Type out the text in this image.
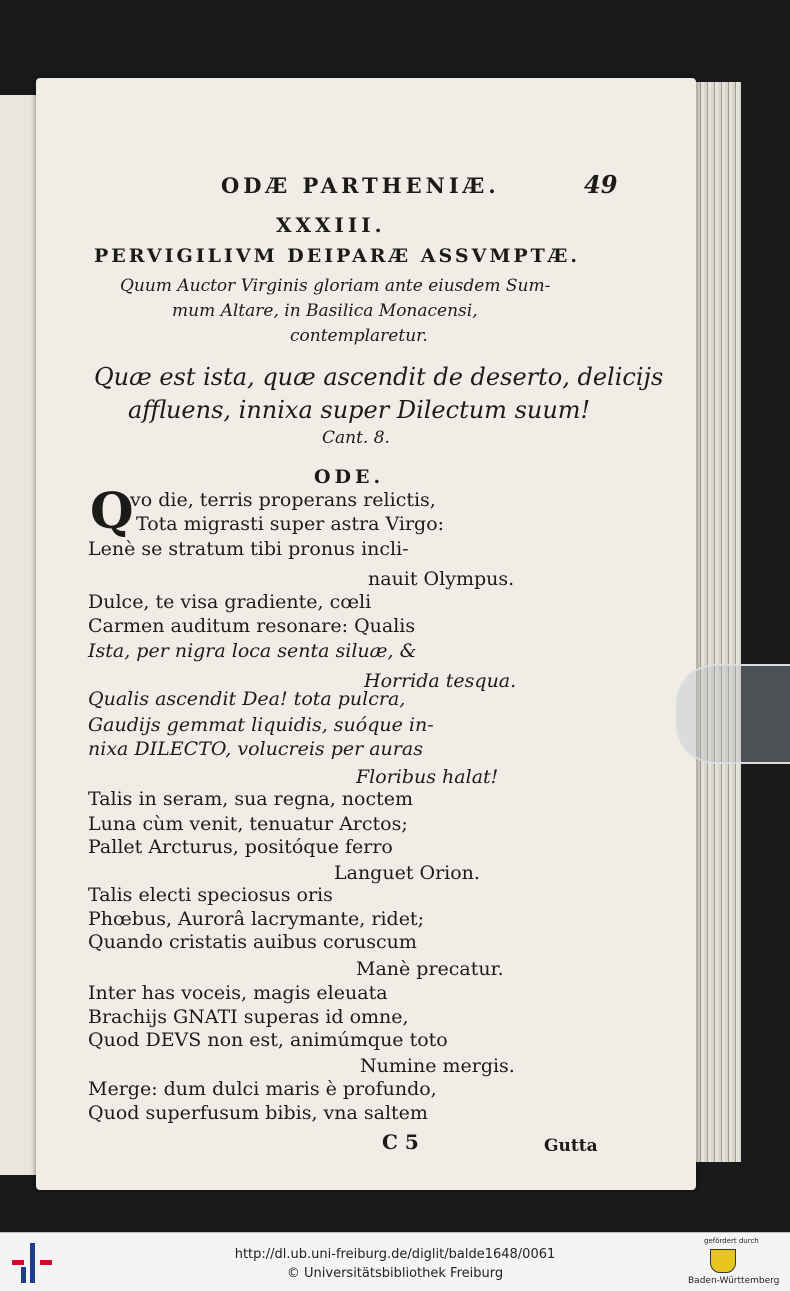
ODÆ PARTHENIÆ.	49
XXXIII.
PERVIGILIVM DEIPARÆ ASSVMPTÆ.
Quum Auctor Virginis gloriam ante eiusdem Sum-
mum Altare, in Basilica Monacensi,
contemplaretur.
Quæ est ista, quæ ascendit de deserto, delicijs
affluens, innixa super Dilectum suum!
Cant. 8.
ODE.
Q
vo die, terris properans relictis,
Tota migrasti super astra Virgo:
Lenè se stratum tibi pronus incli-
nauit Olympus.
Dulce, te visa gradiente, cœli
Carmen auditum resonare: Qualis
Ista, per nigra loca senta siluæ, &
Horrida tesqua.
Qualis ascendit Dea! tota pulcra,
Gaudijs gemmat liquidis, suóque in-
nixa DILECTO, volucreis per auras
Floribus halat!
Talis in seram, sua regna, noctem
Luna cùm venit, tenuatur Arctos;
Pallet Arcturus, positóque ferro
Languet Orion.
Talis electi speciosus oris
Phœbus, Aurorâ lacrymante, ridet;
Quando cristatis auibus coruscum
Manè precatur.
Inter has voceis, magis eleuata
Brachijs GNATI superas id omne,
Quod DEVS non est, animúmque toto
Numine mergis.
Merge: dum dulci maris è profundo,
Quod superfusum bibis, vna saltem
C 5	Gutta
http://dl.ub.uni-freiburg.de/diglit/balde1648/0061
© Universitätsbibliothek Freiburg
gefördert durch
Baden-Württemberg
